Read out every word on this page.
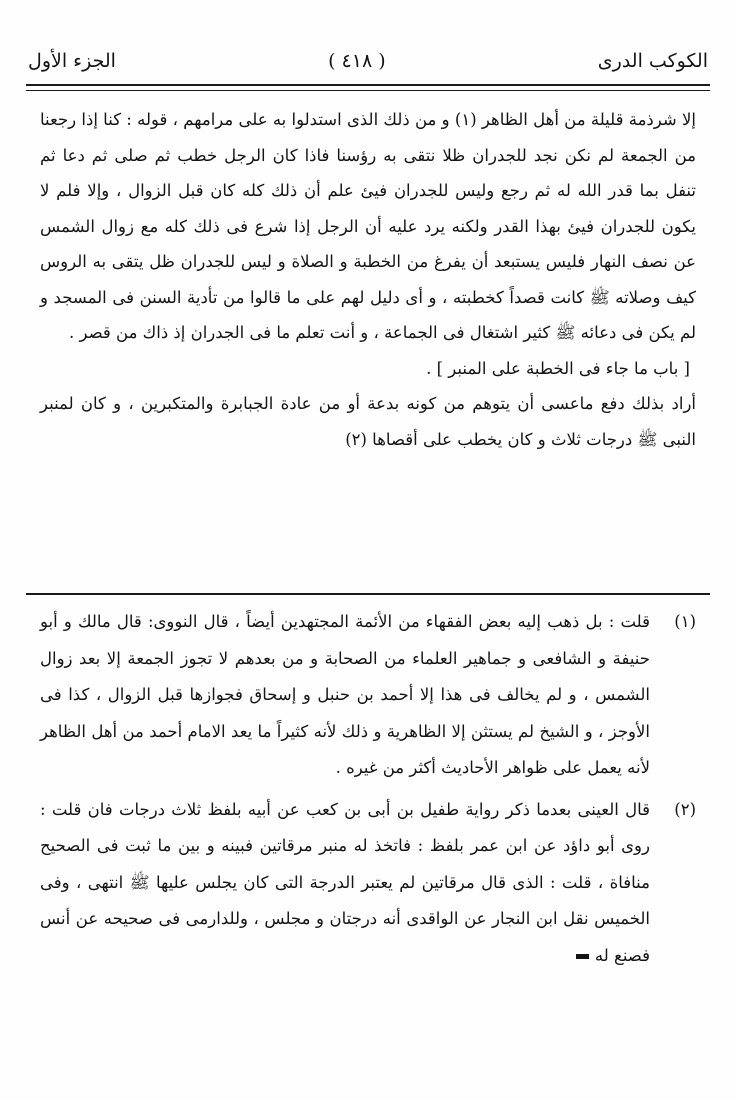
الكوكب الدرى
( ٤١٨ )
الجزء الأول

إلا شرذمة قليلة من أهل الظاهر (١) و من ذلك الذى استدلوا به على مرامهم ، قوله : كنا إذا رجعنا من الجمعة لم نكن نجد للجدران ظلا نتقى به رؤسنا فاذا كان الرجل خطب ثم صلى ثم دعا ثم تنفل بما قدر الله له ثم رجع وليس للجدران فيئ علم أن ذلك كله كان قبل الزوال ، وإلا فلم لا يكون للجدران فيئ بهذا القدر ولكنه يرد عليه أن الرجل إذا شرع فى ذلك كله مع زوال الشمس عن نصف النهار فليس يستبعد أن يفرغ من الخطبة و الصلاة و ليس للجدران ظل يتقى به الروس كيف وصلاته ﷺ كانت قصداً كخطبته ، و أى دليل لهم على ما قالوا من تأدية السنن فى المسجد و لم يكن فى دعائه ﷺ كثير اشتغال فى الجماعة ، و أنت تعلم ما فى الجدران إذ ذاك من قصر .

[ باب ما جاء فى الخطبة على المنبر ] .

أراد بذلك دفع ماعسى أن يتوهم من كونه بدعة أو من عادة الجبابرة والمتكبرين ، و كان لمنبر النبى ﷺ درجات ثلاث و كان يخطب على أقصاها (٢)

(١)
قلت : بل ذهب إليه بعض الفقهاء من الأئمة المجتهدين أيضاً ، قال النووى: قال مالك و أبو حنيفة و الشافعى و جماهير العلماء من الصحابة و من بعدهم لا تجوز الجمعة إلا بعد زوال الشمس ، و لم يخالف فى هذا إلا أحمد بن حنبل و إسحاق فجوازها قبل الزوال ، كذا فى الأوجز ، و الشيخ لم يستثن إلا الظاهرية و ذلك لأنه كثيراً ما يعد الامام أحمد من أهل الظاهر لأنه يعمل على ظواهر الأحاديث أكثر من غيره .
(٢)
قال العينى بعدما ذكر رواية طفيل بن أبى بن كعب عن أبيه بلفظ ثلاث درجات فان قلت : روى أبو داؤد عن ابن عمر بلفظ : فاتخذ له منبر مرقاتين فبينه و بين ما ثبت فى الصحيح منافاة ، قلت : الذى قال مرقاتين لم يعتبر الدرجة التى كان يجلس عليها ﷺ انتهى ، وفى الخميس نقل ابن النجار عن الواقدى أنه درجتان و مجلس ، وللدارمى فى صحيحه عن أنس فصنع له
